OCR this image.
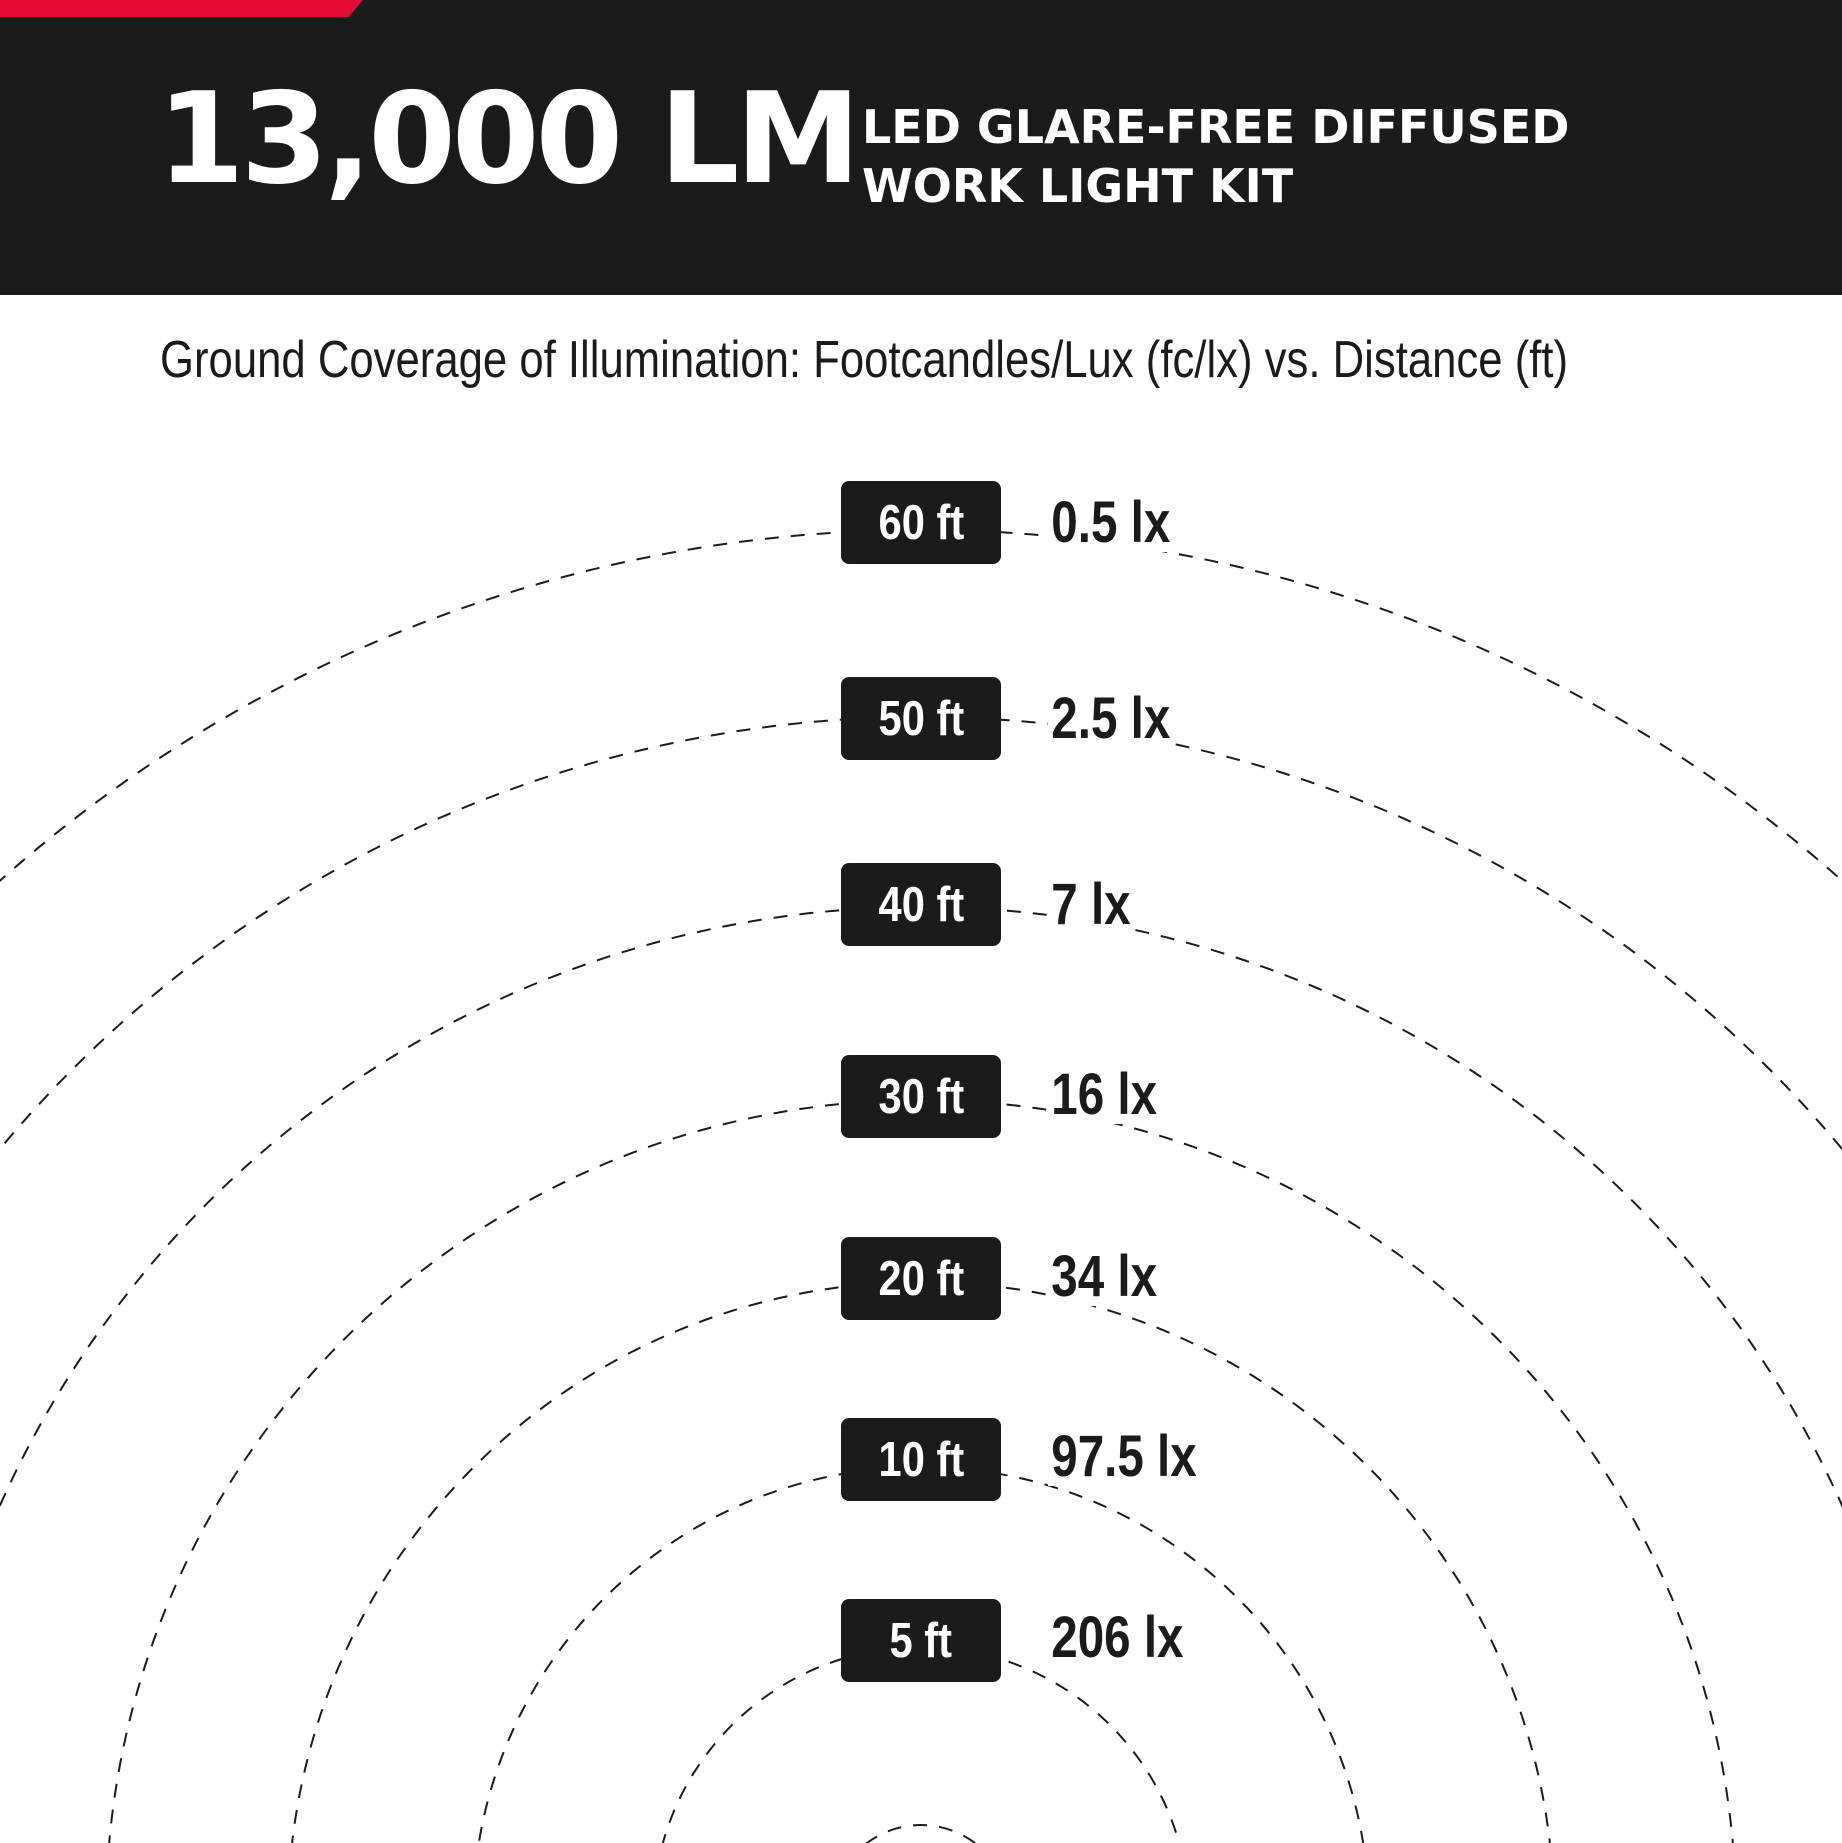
13,000 LM LED GLARE-FREE DIFFUSED
WORK LIGHT KIT
Ground Coverage of Illumination: Footcandles/Lux (fc/lx) vs. Distance (ft)
60 ft 0.5 lx
50 ft 2.5 lx
40 ft 7 lx
30 ft 16 lx
20 ft 34 lx
10 ft 97.5 lx
5 ft 206 lx
